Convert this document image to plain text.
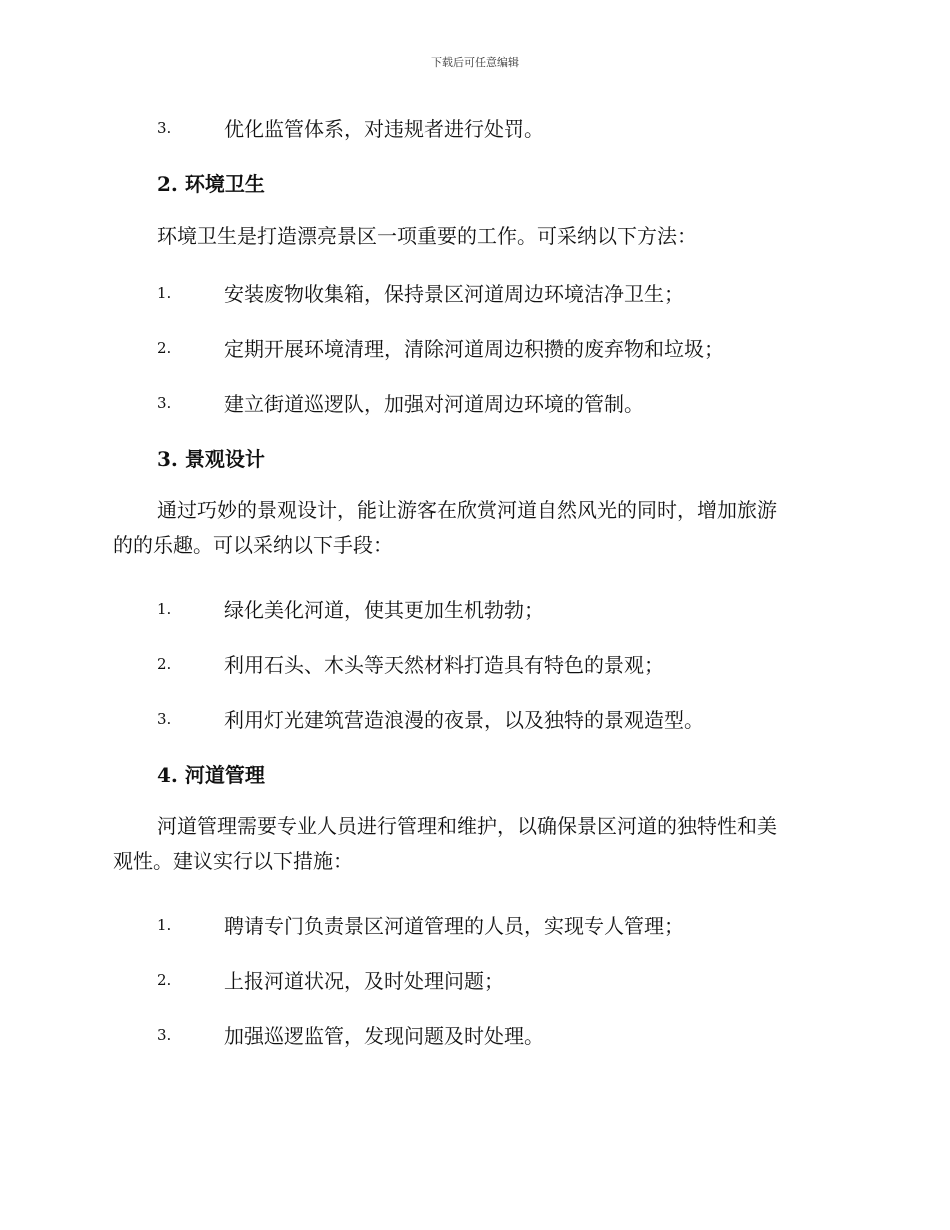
下载后可任意编辑
3.	优化监管体系，对违规者进行处罚。
2. 环境卫生
环境卫生是打造漂亮景区一项重要的工作。可采纳以下方法：
1.	安装废物收集箱，保持景区河道周边环境洁净卫生；
2.	定期开展环境清理，清除河道周边积攒的废弃物和垃圾；
3.	建立街道巡逻队，加强对河道周边环境的管制。
3. 景观设计
通过巧妙的景观设计，能让游客在欣赏河道自然风光的同时，增加旅游
的的乐趣。可以采纳以下手段：
1.	绿化美化河道，使其更加生机勃勃；
2.	利用石头、木头等天然材料打造具有特色的景观；
3.	利用灯光建筑营造浪漫的夜景，以及独特的景观造型。
4. 河道管理
河道管理需要专业人员进行管理和维护，以确保景区河道的独特性和美
观性。建议实行以下措施：
1.	聘请专门负责景区河道管理的人员，实现专人管理；
2.	上报河道状况，及时处理问题；
3.	加强巡逻监管，发现问题及时处理。
